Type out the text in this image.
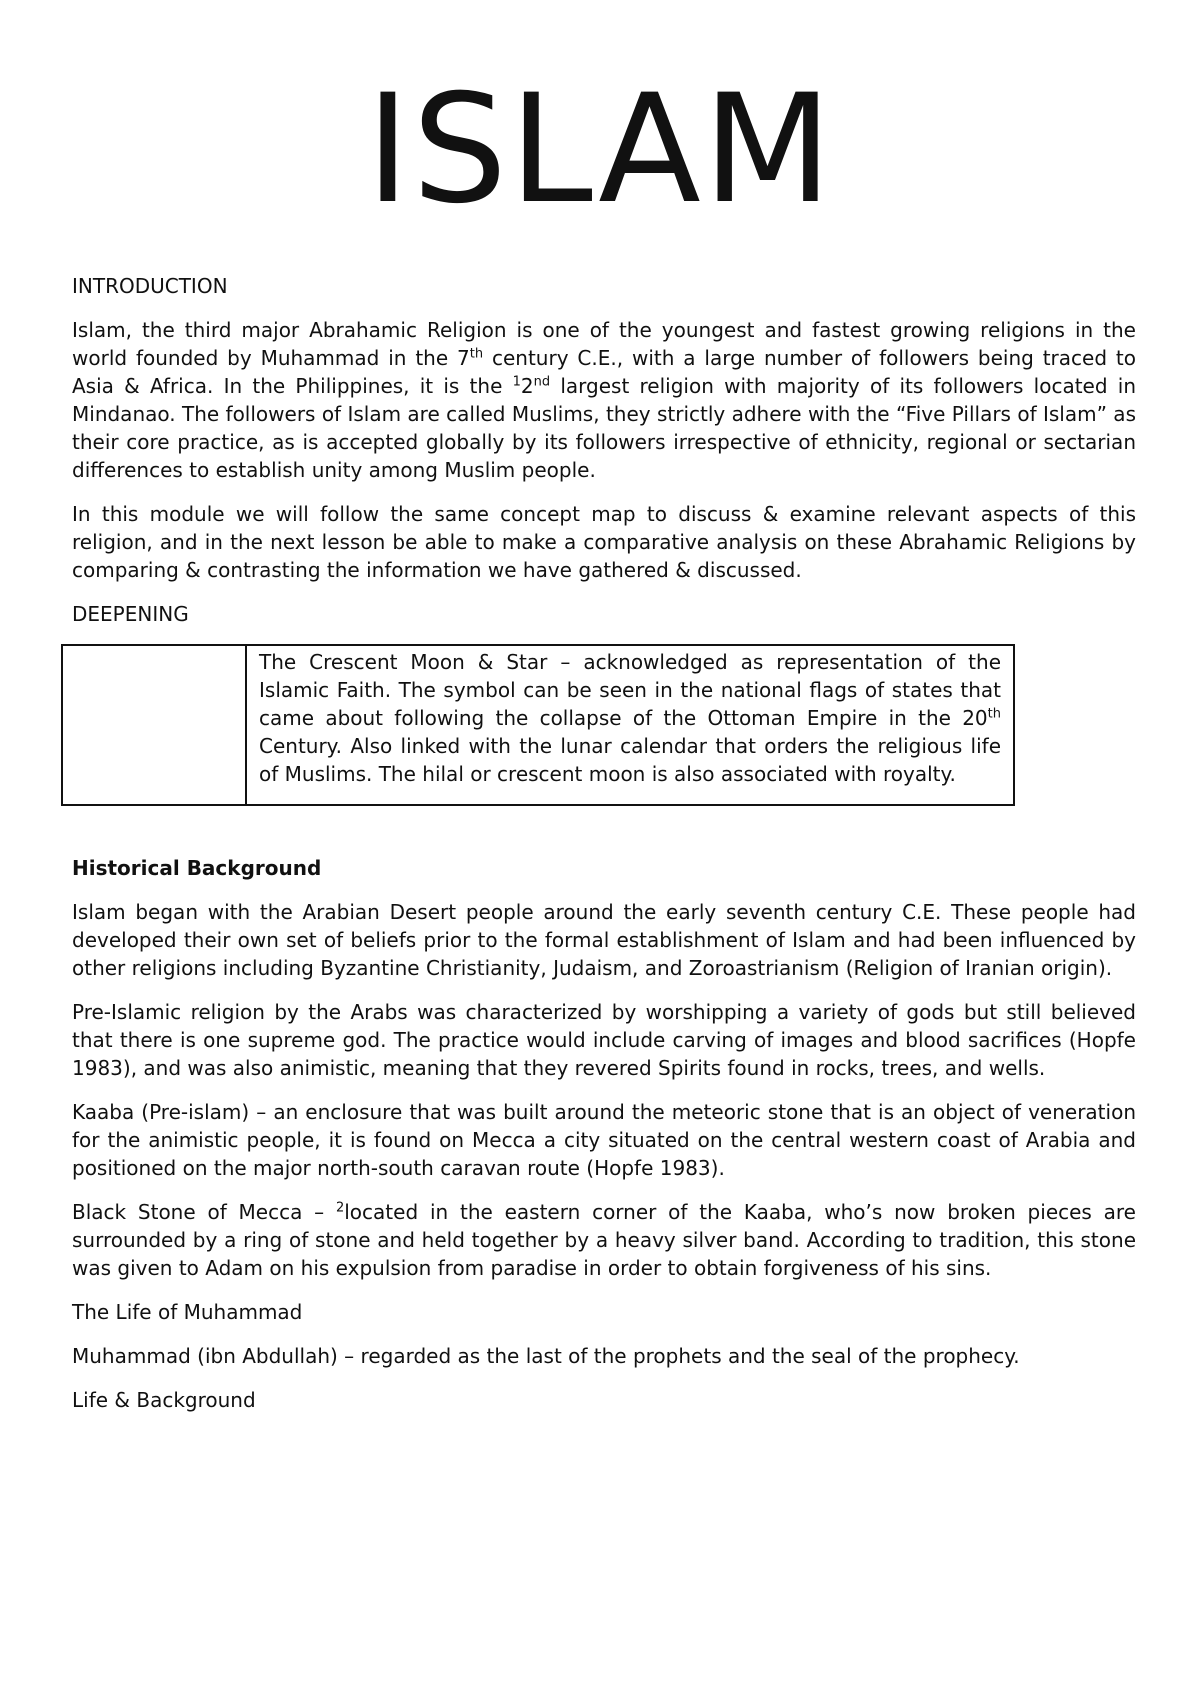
ISLAM

INTRODUCTION

Islam, the third major Abrahamic Religion is one of the youngest and fastest growing religions in the world founded by Muhammad in the 7th century C.E., with a large number of followers being traced to Asia & Africa. In the Philippines, it is the $^1$2nd largest religion with majority of its followers located in Mindanao. The followers of Islam are called Muslims, they strictly adhere with the “Five Pillars of Islam” as their core practice, as is accepted globally by its followers irrespective of ethnicity, regional or sectarian differences to establish unity among Muslim people.

In this module we will follow the same concept map to discuss & examine relevant aspects of this religion, and in the next lesson be able to make a comparative analysis on these Abrahamic Religions by comparing & contrasting the information we have gathered & discussed.

DEEPENING

	The Crescent Moon & Star – acknowledged as representation of the Islamic Faith. The symbol can be seen in the national flags of states that came about following the collapse of the Ottoman Empire in the 20th Century. Also linked with the lunar calendar that orders the religious life of Muslims. The hilal or crescent moon is also associated with royalty.

Historical Background

Islam began with the Arabian Desert people around the early seventh century C.E. These people had developed their own set of beliefs prior to the formal establishment of Islam and had been influenced by other religions including Byzantine Christianity, Judaism, and Zoroastrianism (Religion of Iranian origin).

Pre-Islamic religion by the Arabs was characterized by worshipping a variety of gods but still believed that there is one supreme god. The practice would include carving of images and blood sacrifices (Hopfe 1983), and was also animistic, meaning that they revered Spirits found in rocks, trees, and wells.

Kaaba (Pre-islam) – an enclosure that was built around the meteoric stone that is an object of veneration for the animistic people, it is found on Mecca a city situated on the central western coast of Arabia and positioned on the major north-south caravan route (Hopfe 1983).

Black Stone of Mecca – $^2$located in the eastern corner of the Kaaba, who’s now broken pieces are surrounded by a ring of stone and held together by a heavy silver band. According to tradition, this stone was given to Adam on his expulsion from paradise in order to obtain forgiveness of his sins.

The Life of Muhammad

Muhammad (ibn Abdullah) – regarded as the last of the prophets and the seal of the prophecy.

Life & Background
